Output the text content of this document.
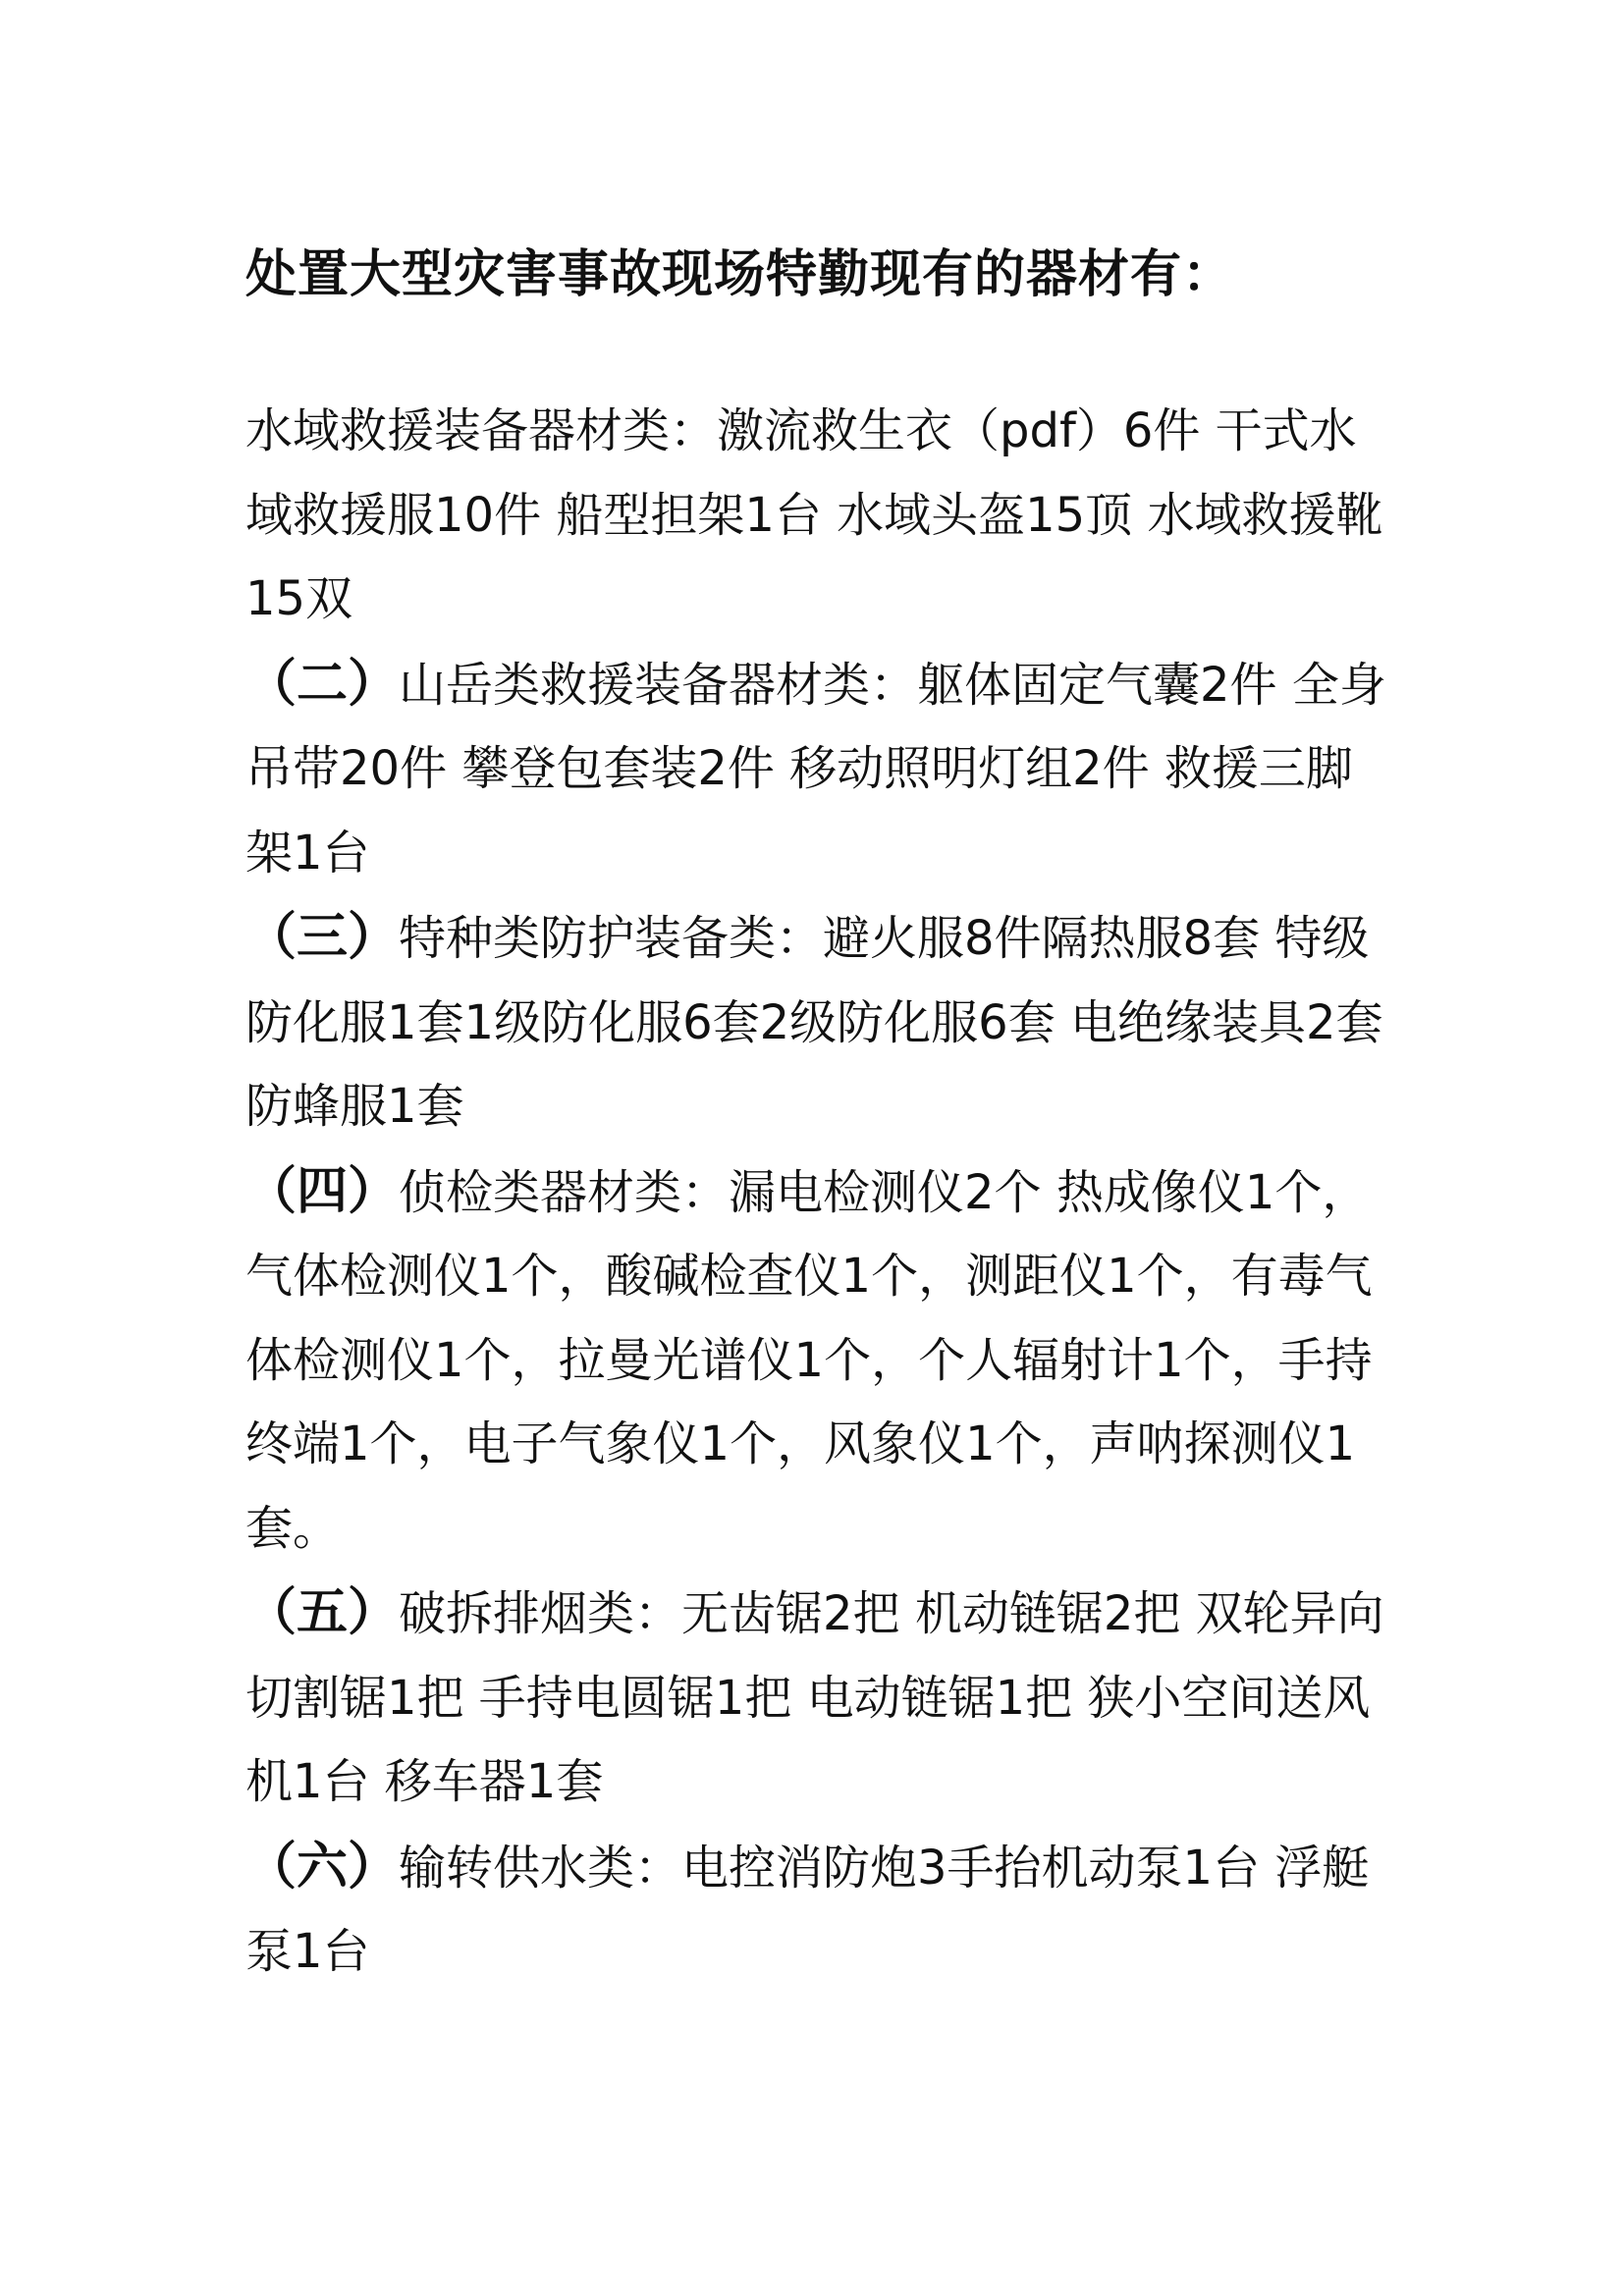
处置大型灾害事故现场特勤现有的器材有：

水域救援装备器材类：激流救生衣（pdf）6件 干式水域救援服10件 船型担架1台 水域头盔15顶 水域救援靴15双

（二）山岳类救援装备器材类：躯体固定气囊2件 全身吊带20件 攀登包套装2件 移动照明灯组2件 救援三脚架1台

（三）特种类防护装备类：避火服8件隔热服8套 特级防化服1套1级防化服6套2级防化服6套 电绝缘装具2套 防蜂服1套

（四）侦检类器材类：漏电检测仪2个 热成像仪1个，气体检测仪1个，酸碱检查仪1个，测距仪1个，有毒气体检测仪1个，拉曼光谱仪1个，个人辐射计1个，手持终端1个，电子气象仪1个，风象仪1个，声呐探测仪1套。

（五）破拆排烟类：无齿锯2把 机动链锯2把 双轮异向切割锯1把 手持电圆锯1把 电动链锯1把 狭小空间送风机1台 移车器1套

（六）输转供水类：电控消防炮3手抬机动泵1台 浮艇泵1台
